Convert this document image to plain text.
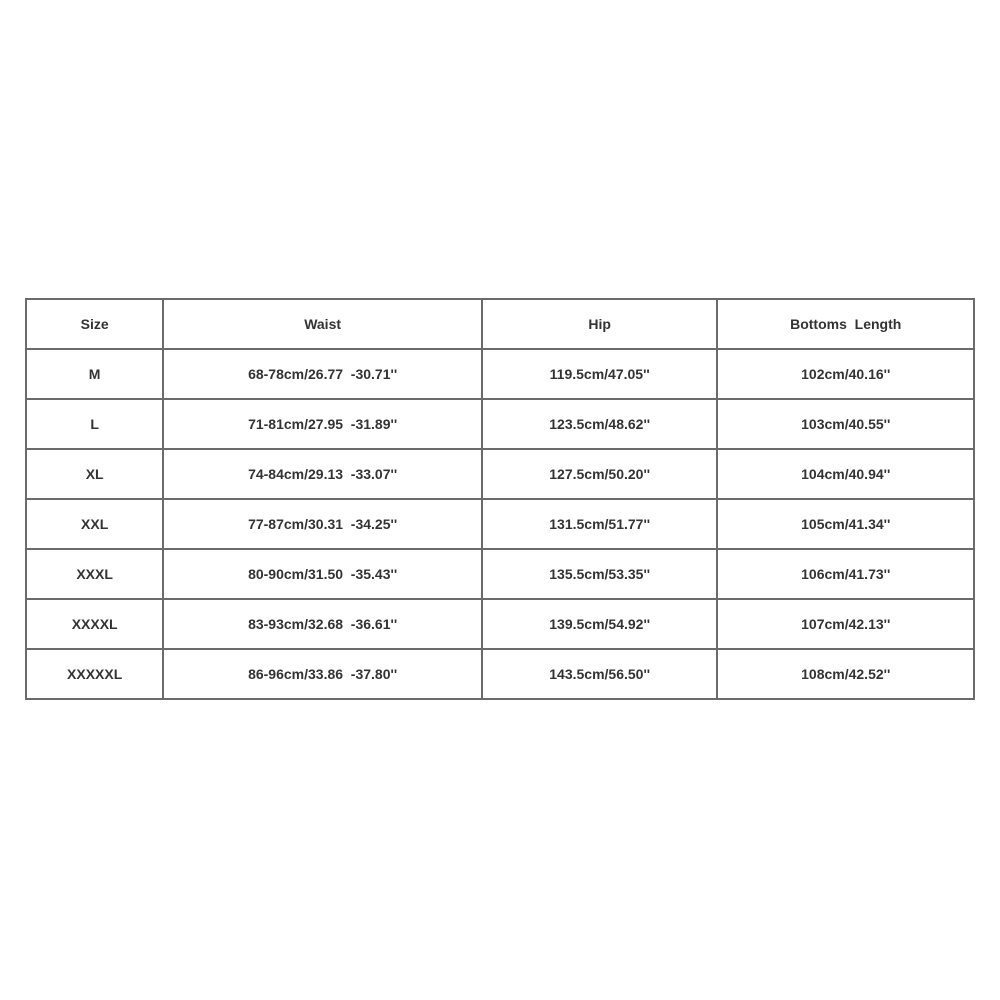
Size	Waist	Hip	Bottoms  Length
M	68-78cm/26.77  -30.71''	119.5cm/47.05''	102cm/40.16''
L	71-81cm/27.95  -31.89''	123.5cm/48.62''	103cm/40.55''
XL	74-84cm/29.13  -33.07''	127.5cm/50.20''	104cm/40.94''
XXL	77-87cm/30.31  -34.25''	131.5cm/51.77''	105cm/41.34''
XXXL	80-90cm/31.50  -35.43''	135.5cm/53.35''	106cm/41.73''
XXXXL	83-93cm/32.68  -36.61''	139.5cm/54.92''	107cm/42.13''
XXXXXL	86-96cm/33.86  -37.80''	143.5cm/56.50''	108cm/42.52''
